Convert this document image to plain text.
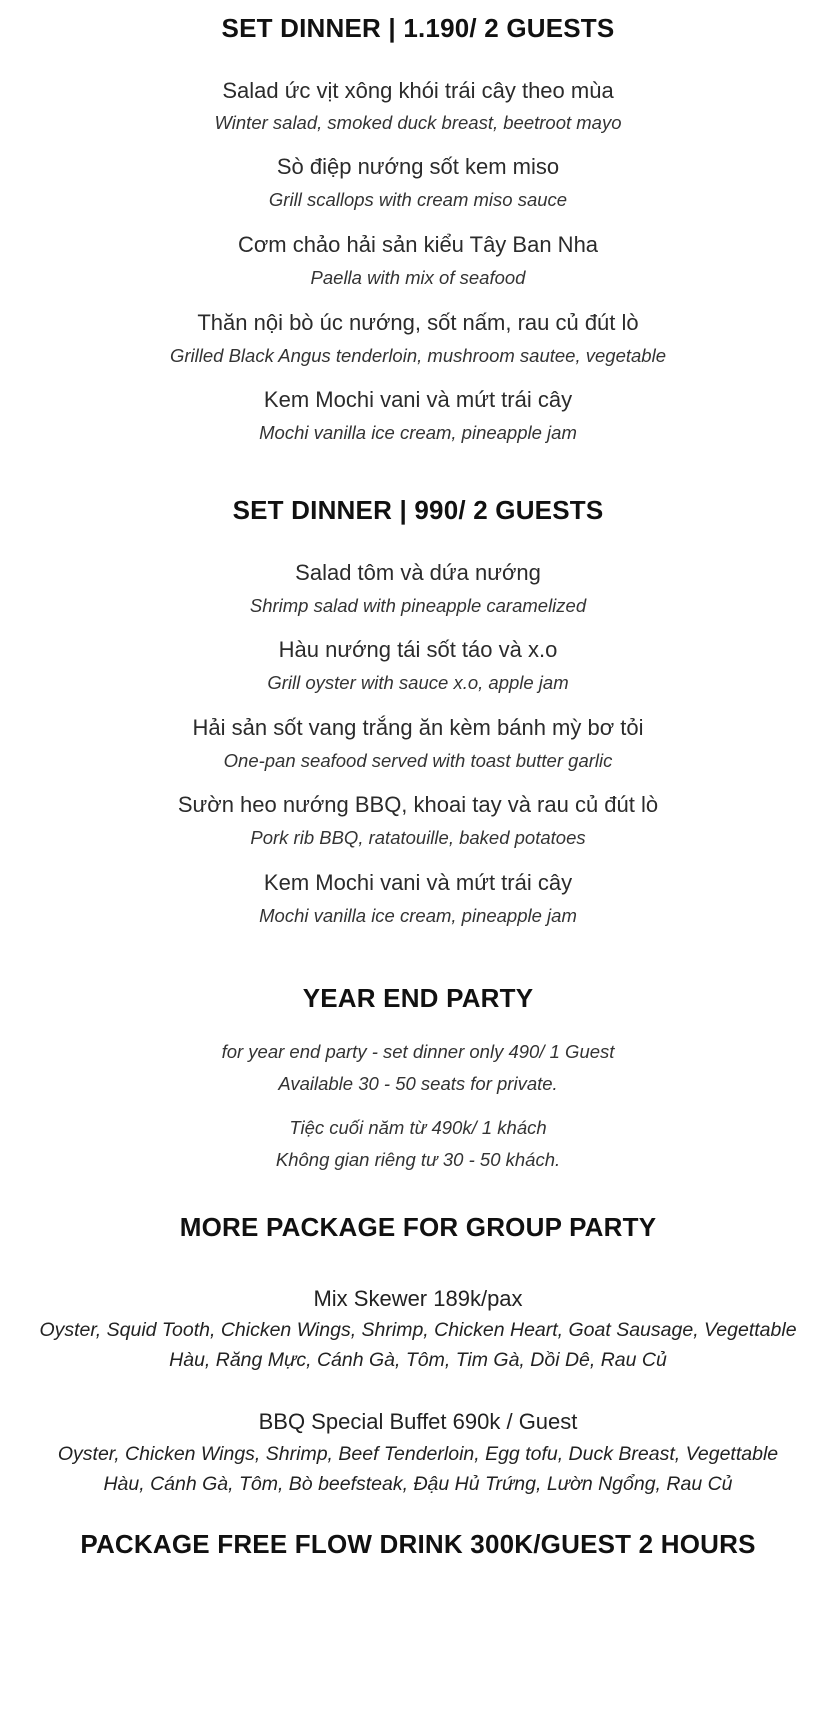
SET DINNER | 1.190/ 2 GUESTS
Salad ức vịt xông khói trái cây theo mùa
Winter salad, smoked duck breast, beetroot mayo
Sò điệp nướng sốt kem miso
Grill scallops with cream miso sauce
Cơm chảo hải sản kiểu Tây Ban Nha
Paella with mix of seafood
Thăn nội bò úc nướng, sốt nấm, rau củ đút lò
Grilled Black Angus tenderloin, mushroom sautee, vegetable
Kem Mochi vani và mứt trái cây
Mochi vanilla ice cream, pineapple jam
SET DINNER | 990/ 2 GUESTS
Salad tôm và dứa nướng
Shrimp salad with pineapple caramelized
Hàu nướng tái sốt táo và x.o
Grill oyster with sauce x.o, apple jam
Hải sản sốt vang trắng ăn kèm bánh mỳ bơ tỏi
One-pan seafood served with toast butter garlic
Sườn heo nướng BBQ, khoai tay và rau củ đút lò
Pork rib BBQ, ratatouille, baked potatoes
Kem Mochi vani và mứt trái cây
Mochi vanilla ice cream, pineapple jam
YEAR END PARTY
for year end party - set dinner only 490/ 1 Guest
Available 30 - 50 seats for private.
Tiệc cuối năm từ 490k/ 1 khách
Không gian riêng tư 30 - 50 khách.
MORE PACKAGE FOR GROUP PARTY
Mix Skewer 189k/pax
Oyster, Squid Tooth, Chicken Wings, Shrimp, Chicken Heart, Goat Sausage, Vegettable
Hàu, Răng Mực, Cánh Gà, Tôm, Tim Gà, Dồi Dê, Rau Củ
BBQ Special Buffet 690k / Guest
Oyster, Chicken Wings, Shrimp, Beef Tenderloin, Egg tofu, Duck Breast, Vegettable
Hàu, Cánh Gà, Tôm, Bò beefsteak, Đậu Hủ Trứng, Lườn Ngổng, Rau Củ
PACKAGE FREE FLOW DRINK 300K/GUEST 2 HOURS
